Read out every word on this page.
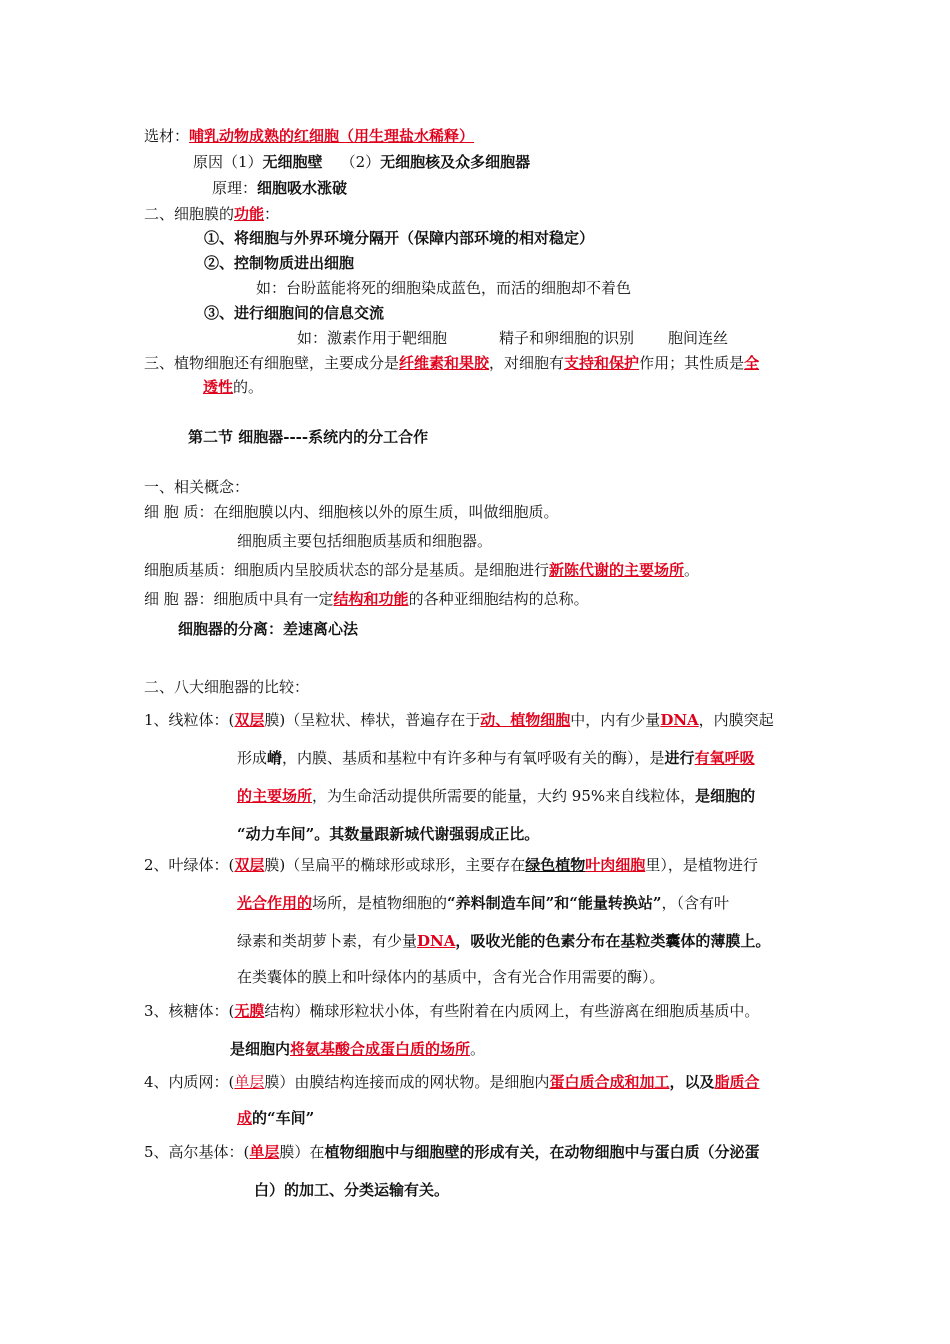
选材：哺乳动物成熟的红细胞（用生理盐水稀释）
原因（1）无细胞壁 （2）无细胞核及众多细胞器
原理：细胞吸水涨破
二、细胞膜的功能：
①、将细胞与外界环境分隔开（保障内部环境的相对稳定）
②、控制物质进出细胞
如：台盼蓝能将死的细胞染成蓝色，而活的细胞却不着色
③、进行细胞间的信息交流
如：激素作用于靶细胞	精子和卵细胞的识别 胞间连丝
三、植物细胞还有细胞壁，主要成分是纤维素和果胶，对细胞有支持和保护作用；其性质是全
透性的。
第二节 细胞器----系统内的分工合作
一、相关概念：
细 胞 质：在细胞膜以内、细胞核以外的原生质，叫做细胞质。
细胞质主要包括细胞质基质和细胞器。
细胞质基质：细胞质内呈胶质状态的部分是基质。是细胞进行新陈代谢的主要场所。
细 胞 器：细胞质中具有一定结构和功能的各种亚细胞结构的总称。
细胞器的分离：差速离心法
二、八大细胞器的比较：
1、线粒体：(双层膜)（呈粒状、棒状，普遍存在于动、植物细胞中，内有少量DNA，内膜突起
形成嵴，内膜、基质和基粒中有许多种与有氧呼吸有关的酶），是进行有氧呼吸
的主要场所，为生命活动提供所需要的能量，大约 95%来自线粒体，是细胞的
“动力车间”。其数量跟新城代谢强弱成正比。
2、叶绿体：(双层膜)（呈扁平的椭球形或球形，主要存在绿色植物叶肉细胞里），是植物进行
光合作用的场所，是植物细胞的“养料制造车间”和“能量转换站”，（含有叶
绿素和类胡萝卜素，有少量DNA，吸收光能的色素分布在基粒类囊体的薄膜上。
在类囊体的膜上和叶绿体内的基质中，含有光合作用需要的酶）。
3、核糖体：(无膜结构）椭球形粒状小体，有些附着在内质网上，有些游离在细胞质基质中。
是细胞内将氨基酸合成蛋白质的场所。
4、内质网：(单层膜）由膜结构连接而成的网状物。是细胞内蛋白质合成和加工，以及脂质合
成的“车间”
5、高尔基体：(单层膜）在植物细胞中与细胞壁的形成有关，在动物细胞中与蛋白质（分泌蛋
白）的加工、分类运输有关。
